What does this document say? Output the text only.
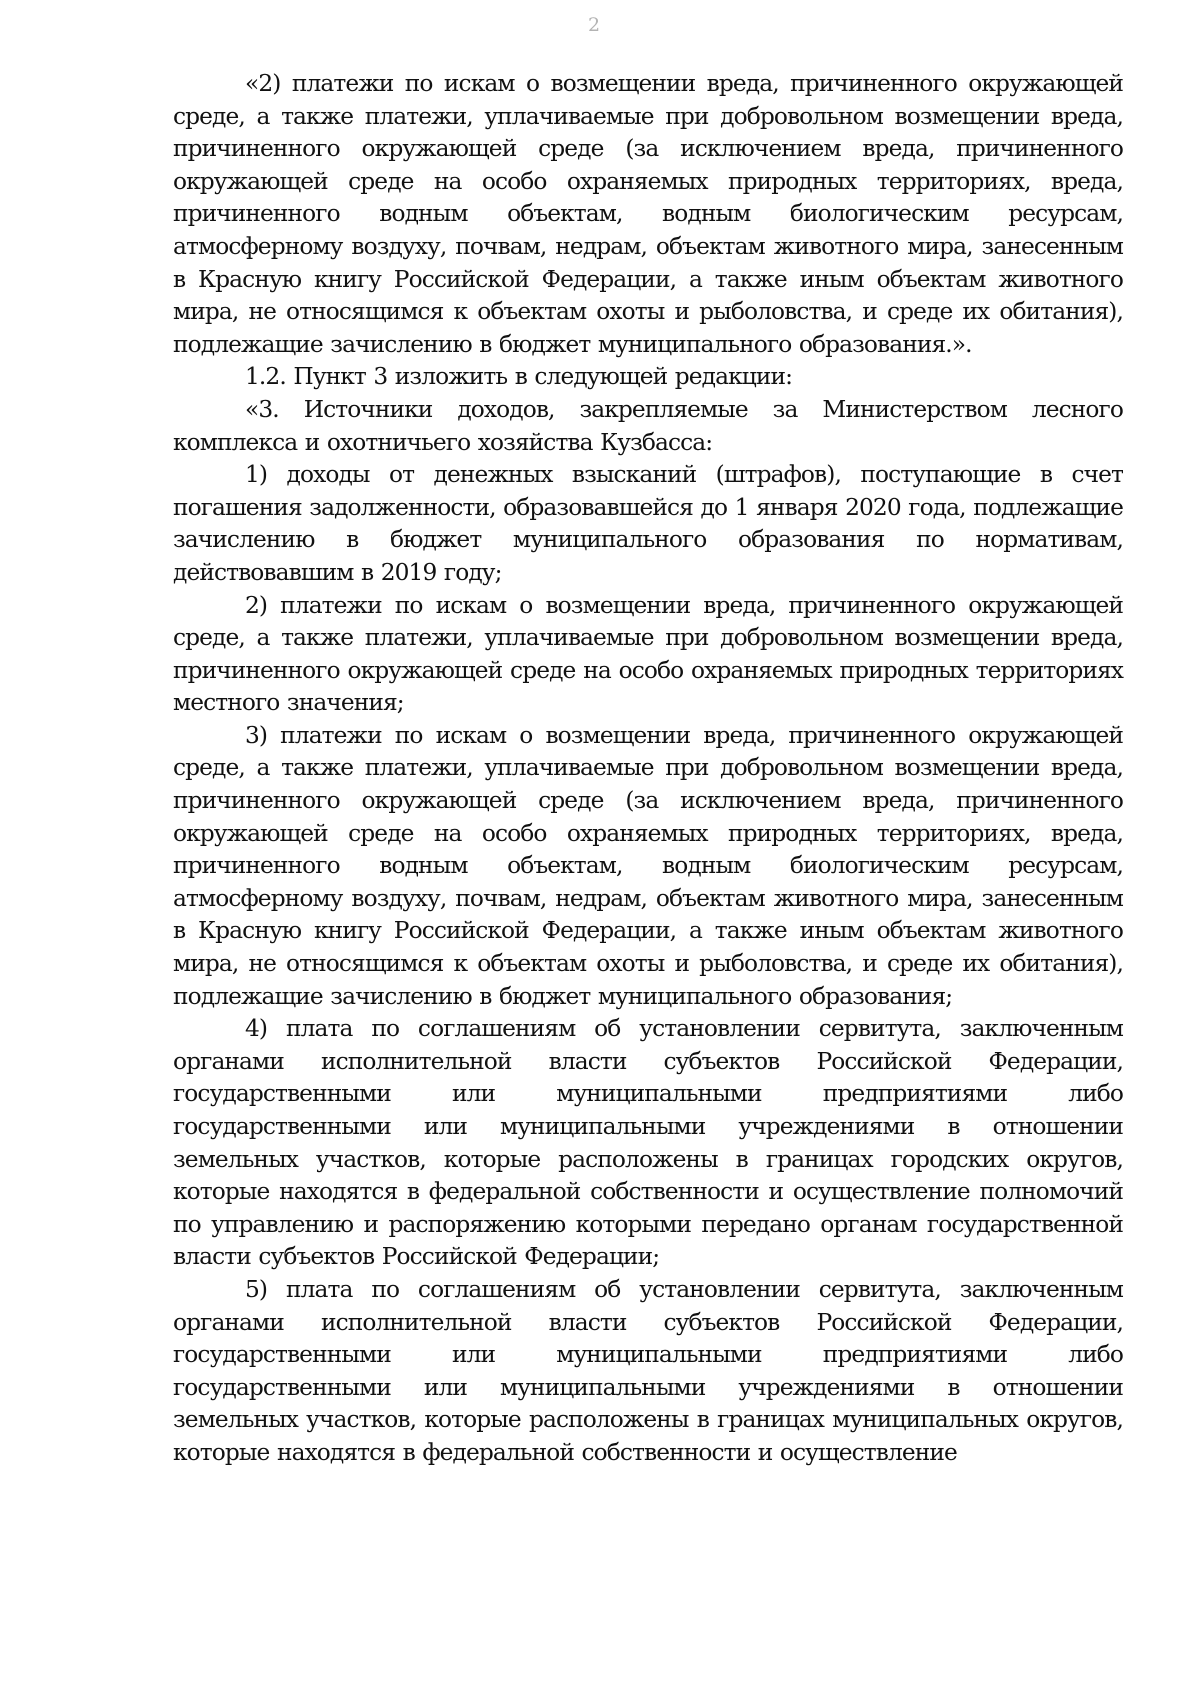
2

«2) платежи по искам о возмещении вреда, причиненного окружающей среде, а также платежи, уплачиваемые при добровольном возмещении вреда, причиненного окружающей среде (за исключением вреда, причиненного окружающей среде на особо охраняемых природных территориях, вреда, причиненного водным объектам, водным биологическим ресурсам, атмосферному воздуху, почвам, недрам, объектам животного мира, занесенным в Красную книгу Российской Федерации, а также иным объектам животного мира, не относящимся к объектам охоты и рыболовства, и среде их обитания), подлежащие зачислению в бюджет муниципального образования.».

1.2. Пункт 3 изложить в следующей редакции:

«3. Источники доходов, закрепляемые за Министерством лесного комплекса и охотничьего хозяйства Кузбасса:

1) доходы от денежных взысканий (штрафов), поступающие в счет погашения задолженности, образовавшейся до 1 января 2020 года, подлежащие зачислению в бюджет муниципального образования по нормативам, действовавшим в 2019 году;

2) платежи по искам о возмещении вреда, причиненного окружающей среде, а также платежи, уплачиваемые при добровольном возмещении вреда, причиненного окружающей среде на особо охраняемых природных территориях местного значения;

3) платежи по искам о возмещении вреда, причиненного окружающей среде, а также платежи, уплачиваемые при добровольном возмещении вреда, причиненного окружающей среде (за исключением вреда, причиненного окружающей среде на особо охраняемых природных территориях, вреда, причиненного водным объектам, водным биологическим ресурсам, атмосферному воздуху, почвам, недрам, объектам животного мира, занесенным в Красную книгу Российской Федерации, а также иным объектам животного мира, не относящимся к объектам охоты и рыболовства, и среде их обитания), подлежащие зачислению в бюджет муниципального образования;

4) плата по соглашениям об установлении сервитута, заключенным органами исполнительной власти субъектов Российской Федерации, государственными или муниципальными предприятиями либо государственными или муниципальными учреждениями в отношении земельных участков, которые расположены в границах городских округов, которые находятся в федеральной собственности и осуществление полномочий по управлению и распоряжению которыми передано органам государственной власти субъектов Российской Федерации;

5) плата по соглашениям об установлении сервитута, заключенным органами исполнительной власти субъектов Российской Федерации, государственными или муниципальными предприятиями либо государственными или муниципальными учреждениями в отношении земельных участков, которые расположены в границах муниципальных округов, которые находятся в федеральной собственности и осуществление
